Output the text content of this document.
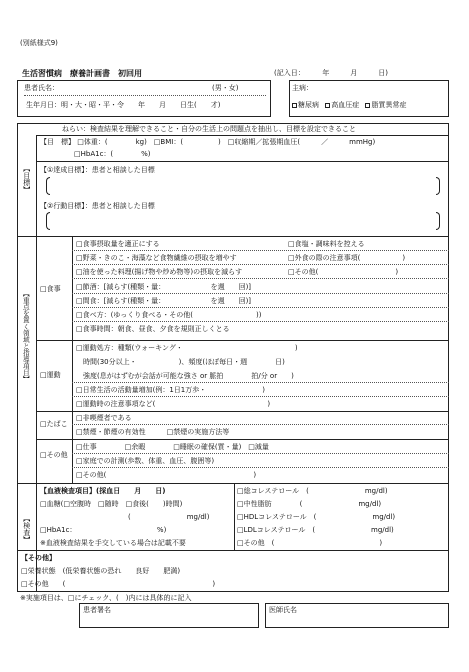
(別紙様式9)
生活習慣病　療養計画書　初回用	(記入日：　　　年　　　月　　　日)
患者氏名：	(男・女)
生年月日：明・大・昭・平・令　　年　　月　　日生(　　才)
主病：
糖尿病 高血圧症 脂質異常症
ねらい：検査結果を理解できること・自分の生活上の問題点を抽出し、目標を設定できること
【目標】
【目　標】 □体重：(　　　　kg)　□BMI：(　　　　　)　□収縮期／拡張期血圧(　　　／　　　mmHg)
□HbA1c：(　　　　%)
【①達成目標】：患者と相談した目標
【②行動目標】：患者と相談した目標
【重点を置く領域と指導項目】
□食事
□食事摂取量を適正にする	□食塩・調味料を控える
□野菜・きのこ・海藻など食物繊維の摂取を増やす	□外食の際の注意事項(　　　　　　)
□油を使った料理(揚げ物や炒め物等)の摂取を減らす	□その他(　　　　　　　　　　　)
□節酒：[減らす(種類・量：　　　　　　　を週　　回)]
□間食：[減らす(種類・量：　　　　　　　を週　　回)]
□食べ方：(ゆっくり食べる・その他(　　　　　　　　　))
□食事時間：朝食、昼食、夕食を規則正しくとる
□運動
□運動処方：種類(ウォーキング・　　　　　　　　　　　　　　　　)
　時間(30分以上・　　　　　　)、頻度(ほぼ毎日・週　　　　日)
　強度(息がはずむが会話が可能な強さ or 脈拍　　　　拍/分 or　　)
□日常生活の活動量増加(例：1日1万歩・　　　　　　　　)
□運動時の注意事項など(　　　　　　　　　　　　　　　　)
□たばこ
□非喫煙者である
□禁煙・節煙の有効性　　　□禁煙の実施方法等
□その他
□仕事　　　　□余暇　　　　□睡眠の確保(質・量)　□減量
□家庭での計測(歩数、体重、血圧、腹囲等)
□その他(　　　　　　　　　　　　　　　　　　　　　)
【検査】
【血液検査項目】(採血日　　月　　日)
□血糖(□空腹時　□随時　□食後(　　)時間)
(　　　　　　　　mg/dl)
□HbA1c：　　　　　　　　　　　　%)
※血液検査結果を手交している場合は記載不要
□総コレステロール　(　　　　　　　　mg/dl)
□中性脂肪　　　　(　　　　　　　　mg/dl)
□HDLコレステロール　(　　　　　　　　mg/dl)
□LDLコレステロール　(　　　　　　　　mg/dl)
□その他　(　　　　　　　　　　　　　　　)
【その他】
□栄養状態　(低栄養状態の恐れ　　良好　　肥満)
□その他　　(　　　　　　　　　　　　　　　　　　　　　)
※実施項目は、□にチェック、(　)内には具体的に記入
患者署名	医師氏名
